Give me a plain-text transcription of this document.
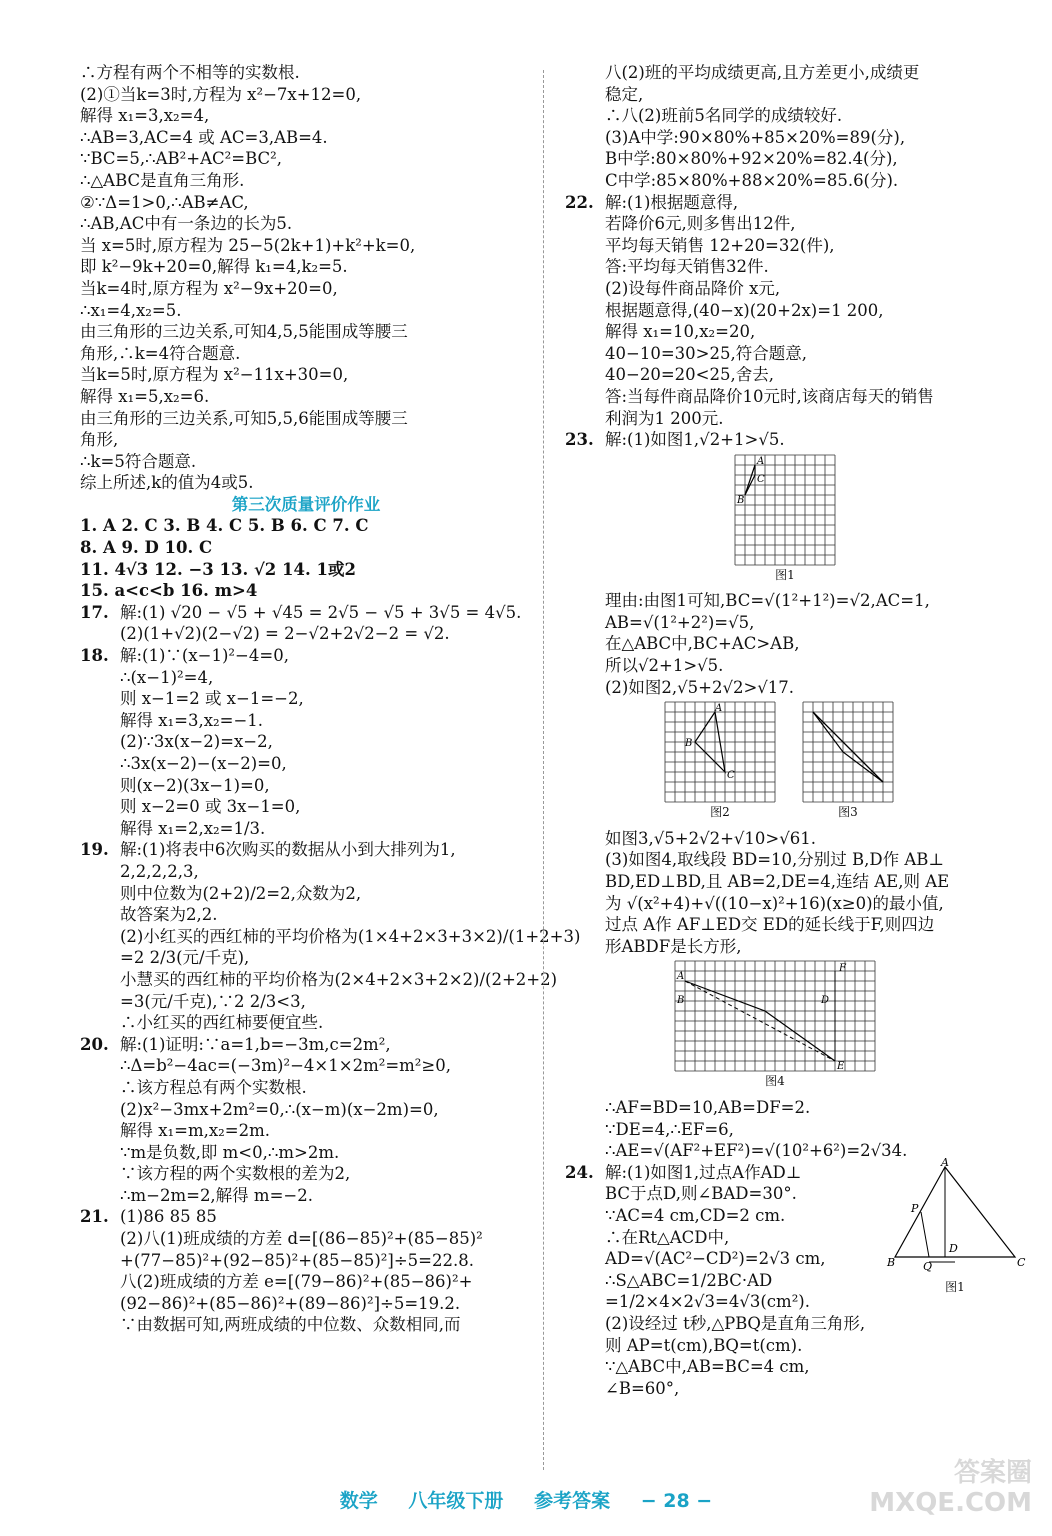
∴方程有两个不相等的实数根.
(2)①当k=3时,方程为 x²−7x+12=0,
解得 x₁=3,x₂=4,
∴AB=3,AC=4 或 AC=3,AB=4.
∵BC=5,∴AB²+AC²=BC²,
∴△ABC是直角三角形.
②∵Δ=1>0,∴AB≠AC,
∴AB,AC中有一条边的长为5.
当 x=5时,原方程为 25−5(2k+1)+k²+k=0,
即 k²−9k+20=0,解得 k₁=4,k₂=5.
当k=4时,原方程为 x²−9x+20=0,
∴x₁=4,x₂=5.
由三角形的三边关系,可知4,5,5能围成等腰三
角形,∴k=4符合题意.
当k=5时,原方程为 x²−11x+30=0,
解得 x₁=5,x₂=6.
由三角形的三边关系,可知5,5,6能围成等腰三
角形,
∴k=5符合题意.
综上所述,k的值为4或5.
第三次质量评价作业
1. A 2. C 3. B 4. C 5. B 6. C 7. C
8. A 9. D 10. C
11. 4√3 12. −3 13. √2 14. 1或2
15. a<c<b 16. m>4
17. 解:(1) √20 − √5 + √45 = 2√5 − √5 + 3√5 = 4√5.
(2)(1+√2)(2−√2) = 2−√2+2√2−2 = √2.
18. 解:(1)∵(x−1)²−4=0,
∴(x−1)²=4,
则 x−1=2 或 x−1=−2,
解得 x₁=3,x₂=−1.
(2)∵3x(x−2)=x−2,
∴3x(x−2)−(x−2)=0,
则(x−2)(3x−1)=0,
则 x−2=0 或 3x−1=0,
解得 x₁=2,x₂=1/3.
19. 解:(1)将表中6次购买的数据从小到大排列为1,
2,2,2,2,3,
则中位数为(2+2)/2=2,众数为2,
故答案为2,2.
(2)小红买的西红柿的平均价格为(1×4+2×3+3×2)/(1+2+3)
=2 2/3(元/千克),
小慧买的西红柿的平均价格为(2×4+2×3+2×2)/(2+2+2)
=3(元/千克),∵2 2/3<3,
∴小红买的西红柿要便宜些.
20. 解:(1)证明:∵a=1,b=−3m,c=2m²,
∴Δ=b²−4ac=(−3m)²−4×1×2m²=m²≥0,
∴该方程总有两个实数根.
(2)x²−3mx+2m²=0,∴(x−m)(x−2m)=0,
解得 x₁=m,x₂=2m.
∵m是负数,即 m<0,∴m>2m.
∵该方程的两个实数根的差为2,
∴m−2m=2,解得 m=−2.
21. (1)86 85 85
(2)八(1)班成绩的方差 d=[(86−85)²+(85−85)²
+(77−85)²+(92−85)²+(85−85)²]÷5=22.8.
八(2)班成绩的方差 e=[(79−86)²+(85−86)²+
(92−86)²+(85−86)²+(89−86)²]÷5=19.2.
∵由数据可知,两班成绩的中位数、众数相同,而
八(2)班的平均成绩更高,且方差更小,成绩更
稳定,
∴八(2)班前5名同学的成绩较好.
(3)A中学:90×80%+85×20%=89(分),
B中学:80×80%+92×20%=82.4(分),
C中学:85×80%+88×20%=85.6(分).
22. 解:(1)根据题意得,
若降价6元,则多售出12件,
平均每天销售 12+20=32(件),
答:平均每天销售32件.
(2)设每件商品降价 x元,
根据题意得,(40−x)(20+2x)=1 200,
解得 x₁=10,x₂=20,
40−10=30>25,符合题意,
40−20=20<25,舍去,
答:当每件商品降价10元时,该商店每天的销售
利润为1 200元.
23. 解:(1)如图1,√2+1>√5.
A
C
B
图1
理由:由图1可知,BC=√(1²+1²)=√2,AC=1,
AB=√(1²+2²)=√5,
在△ABC中,BC+AC>AB,
所以√2+1>√5.
(2)如图2,√5+2√2>√17.
A
B
C
图2	图3
如图3,√5+2√2+√10>√61.
(3)如图4,取线段 BD=10,分别过 B,D作 AB⊥
BD,ED⊥BD,且 AB=2,DE=4,连结 AE,则 AE
为 √(x²+4)+√((10−x)²+16)(x≥0)的最小值,
过点 A作 AF⊥ED交 ED的延长线于F,则四边
形ABDF是长方形,
A
B
F
D
E
图4
∴AF=BD=10,AB=DF=2.
∵DE=4,∴EF=6,
∴AE=√(AF²+EF²)=√(10²+6²)=2√34.
24. 解:(1)如图1,过点A作AD⊥
BC于点D,则∠BAD=30°.
∵AC=4 cm,CD=2 cm.
∴在Rt△ACD中,
AD=√(AC²−CD²)=2√3 cm,
∴S△ABC=1/2BC·AD
=1/2×4×2√3=4√3(cm²).
(2)设经过 t秒,△PBQ是直角三角形,
则 AP=t(cm),BQ=t(cm).
∵△ABC中,AB=BC=4 cm,
∠B=60°,
A
B	C
D
P
Q
图1
数学 八年级下册 参考答案 − 28 −
答案圈
MXQE.COM
